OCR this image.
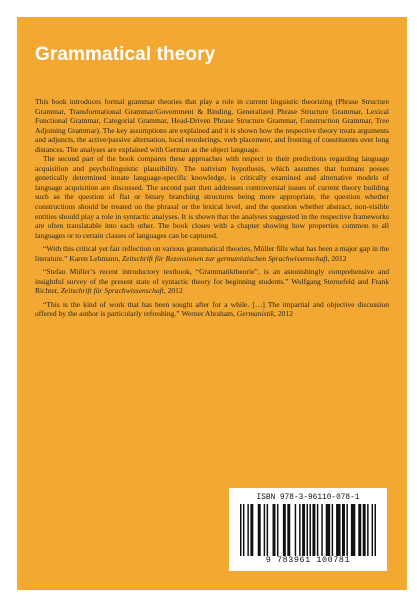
Grammatical theory

This book introduces formal grammar theories that play a role in current linguistic theorizing (Phrase Structure Grammar, Transformational Grammar/Government & Binding, Generalized Phrase Structure Grammar, Lexical Functional Grammar, Categorial Grammar, Head-Driven Phrase Structure Grammar, Construction Grammar, Tree Adjoining Grammar). The key assumptions are explained and it is shown how the respective theory treats arguments and adjuncts, the active/passive alternation, local reorderings, verb placement, and fronting of constituents over long distances. The analyses are explained with German as the object language.

The second part of the book compares these approaches with respect to their predictions regarding language acquisition and psycholinguistic plausibility. The nativism hypothesis, which assumes that humans posses genetically determined innate language-specific knowledge, is critically examined and alternative models of language acquisition are discussed. The second part then addresses controversial issues of current theory building such as the question of flat or binary branching structures being more appropriate, the question whether constructions should be treated on the phrasal or the lexical level, and the question whether abstract, non-visible entities should play a role in syntactic analyses. It is shown that the analyses suggested in the respective frameworks are often translatable into each other. The book closes with a chapter showing how properties common to all languages or to certain classes of languages can be captured.

“With this critical yet fair reflection on various grammatical theories, Müller fills what has been a major gap in the literature.” Karen Lehmann, Zeitschrift für Rezensionen zur germanistischen Sprachwissenschaft, 2012

“Stefan Müller’s recent introductory textbook, “Grammatiktheorie”, is an astonishingly comprehensive and insightful survey of the present state of syntactic theory for beginning students.” Wolfgang Sternefeld and Frank Richter, Zeitschrift für Sprachwissenschaft, 2012

“This is the kind of work that has been sought after for a while. […] The impartial and objective discussion offered by the author is particularly refreshing.” Werner Abraham, Germanistik, 2012

ISBN 978-3-96110-078-1
9 783961 100781
